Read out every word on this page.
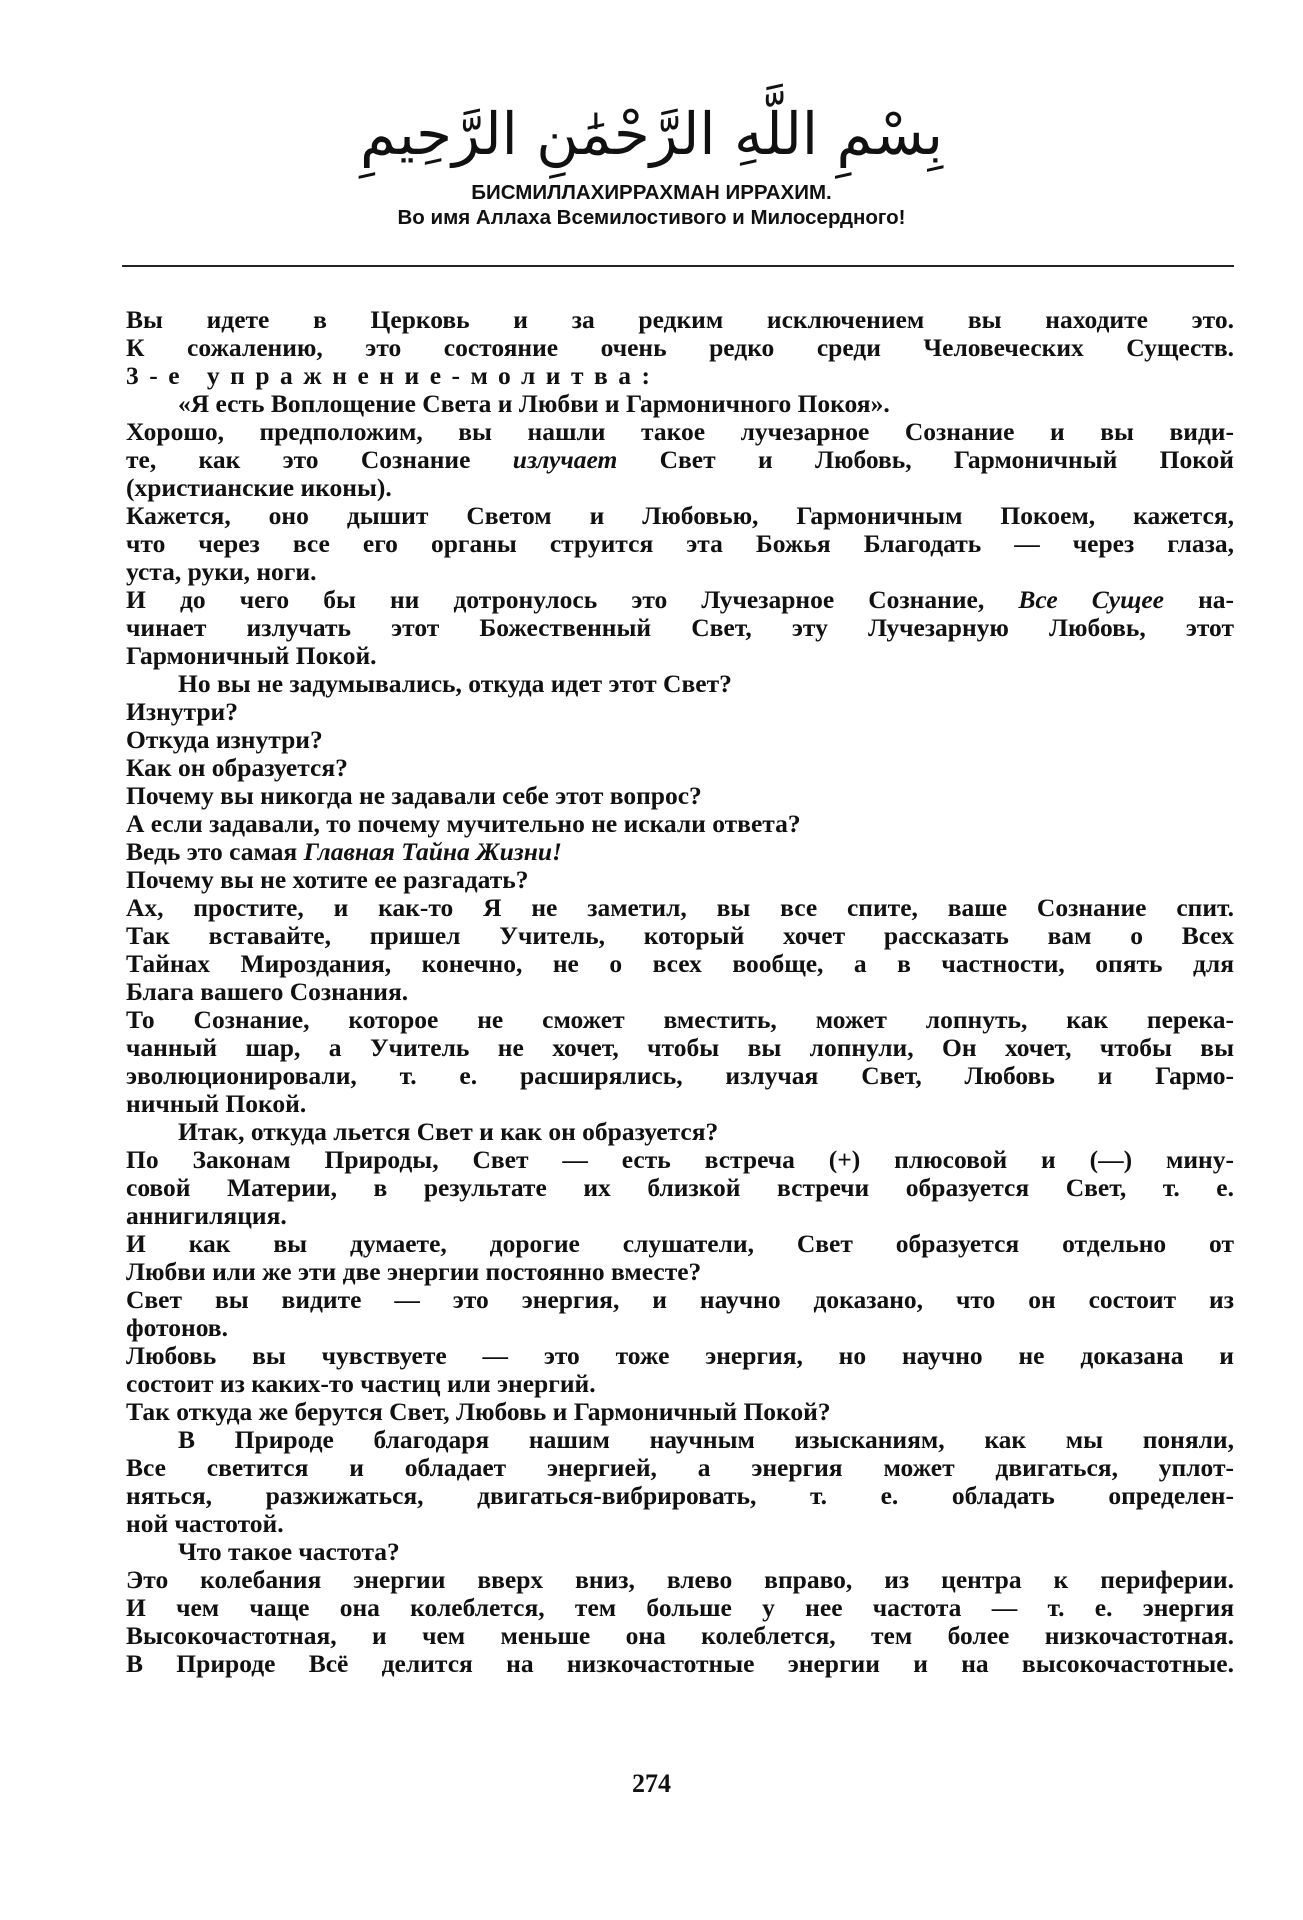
بِسْمِ اللَّهِ الرَّحْمَٰنِ الرَّحِيمِ
БИСМИЛЛАХИРРАХМАН ИРРАХИМ.
Во имя Аллаха Всемилостивого и Милосердного!
Вы идете в Церковь и за редким исключением вы находите это.
К сожалению, это состояние очень редко среди Человеческих Существ.
3-е упражнение-молитва:
«Я есть Воплощение Света и Любви и Гармоничного Покоя».
Хорошо, предположим, вы нашли такое лучезарное Сознание и вы види-
те, как это Сознание излучает Свет и Любовь, Гармоничный Покой
(христианские иконы).
Кажется, оно дышит Светом и Любовью, Гармоничным Покоем, кажется,
что через все его органы струится эта Божья Благодать — через глаза,
уста, руки, ноги.
И до чего бы ни дотронулось это Лучезарное Сознание, Все Сущее на-
чинает излучать этот Божественный Свет, эту Лучезарную Любовь, этот
Гармоничный Покой.
Но вы не задумывались, откуда идет этот Свет?
Изнутри?
Откуда изнутри?
Как он образуется?
Почему вы никогда не задавали себе этот вопрос?
А если задавали, то почему мучительно не искали ответа?
Ведь это самая Главная Тайна Жизни!
Почему вы не хотите ее разгадать?
Ах, простите, и как-то Я не заметил, вы все спите, ваше Сознание спит.
Так вставайте, пришел Учитель, который хочет рассказать вам о Всех
Тайнах Мироздания, конечно, не о всех вообще, а в частности, опять для
Блага вашего Сознания.
То Сознание, которое не сможет вместить, может лопнуть, как перека-
чанный шар, а Учитель не хочет, чтобы вы лопнули, Он хочет, чтобы вы
эволюционировали, т. е. расширялись, излучая Свет, Любовь и Гармо-
ничный Покой.
Итак, откуда льется Свет и как он образуется?
По Законам Природы, Свет — есть встреча (+) плюсовой и (—) мину-
совой Материи, в результате их близкой встречи образуется Свет, т. е.
аннигиляция.
И как вы думаете, дорогие слушатели, Свет образуется отдельно от
Любви или же эти две энергии постоянно вместе?
Свет вы видите — это энергия, и научно доказано, что он состоит из
фотонов.
Любовь вы чувствуете — это тоже энергия, но научно не доказана и
состоит из каких-то частиц или энергий.
Так откуда же берутся Свет, Любовь и Гармоничный Покой?
В Природе благодаря нашим научным изысканиям, как мы поняли,
Все светится и обладает энергией, а энергия может двигаться, уплот-
няться, разжижаться, двигаться-вибрировать, т. е. обладать определен-
ной частотой.
Что такое частота?
Это колебания энергии вверх вниз, влево вправо, из центра к периферии.
И чем чаще она колеблется, тем больше у нее частота — т. е. энергия
Высокочастотная, и чем меньше она колеблется, тем более низкочастотная.
В Природе Всё делится на низкочастотные энергии и на высокочастотные.
274
